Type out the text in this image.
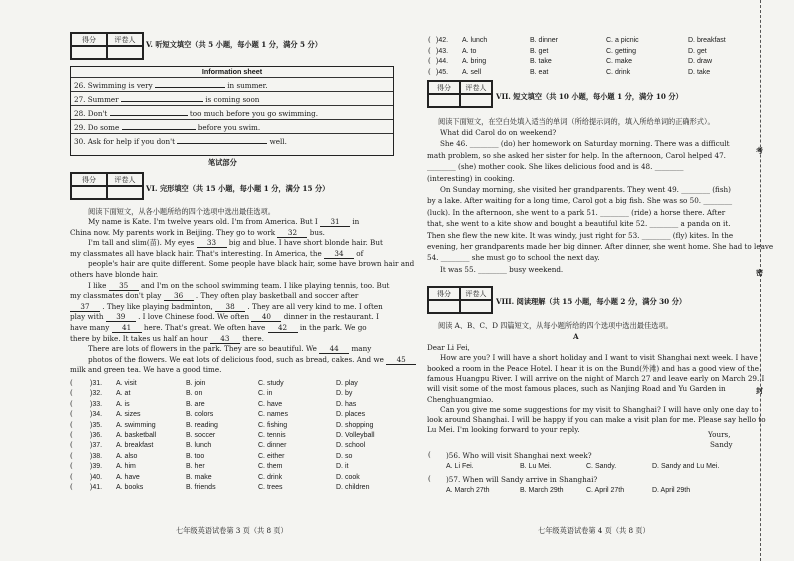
得分	评卷人
V. 听短文填空（共 5 小题，每小题 1 分，满分 5 分）
Information sheet
26. Swimming is very	in summer.
27. Summer	is coming soon
28. Don't	too much before you go swimming.
29. Do some	before you swim.
30. Ask for help if you don't	well.
笔试部分
得分	评卷人
VI. 完形填空（共 15 小题，每小题 1 分，满分 15 分）
阅读下面短文，从各小题所给的四个选项中选出最佳选项。
My name is Kate. I'm twelve years old. I'm from America. But I 31 in
China now. My parents work in Beijing. They go to work 32 bus.
I'm tall and slim(苗). My eyes 33 big and blue. I have short blonde hair. But
my classmates all have black hair. That's interesting. In America, the 34 of
people's hair are quite different. Some people have black hair, some have brown hair and
others have blonde hair.
I like 35 and I'm on the school swimming team. I like playing tennis, too. But
my classmates don't play 36 . They often play basketball and soccer after
37 . They like playing badminton, 38 . They are all very kind to me. I often
play with 39 . I love Chinese food. We often 40 dinner in the restaurant. I
have many 41 here. That's great. We often have 42 in the park. We go
there by bike. It takes us half an hour 43 there.
There are lots of flowers in the park. They are so beautiful. We 44 many
photos of the flowers. We eat lots of delicious food, such as bread, cakes. And we 45
milk and green tea. We have a good time.
( )31. A. visit	B. join	C. study	D. play
( )32. A. at	B. on	C. in	D. by
( )33. A. is	B. are	C. have	D. has
( )34. A. sizes	B. colors	C. names	D. places
( )35. A. swimming	B. reading	C. fishing	D. shopping
( )36. A. basketball	B. soccer	C. tennis	D. Volleyball
( )37. A. breakfast	B. lunch	C. dinner	D. school
( )38. A. also	B. too	C. either	D. so
( )39. A. him	B. her	C. them	D. it
( )40. A. have	B. make	C. drink	D. cook
( )41. A. books	B. friends	C. trees	D. children
七年级英语试卷第 3 页（共 8 页）
( )42. A. lunch	B. dinner	C. a picnic	D. breakfast
( )43. A. to	B. get	C. getting	D. get
( )44. A. bring	B. take	C. make	D. draw
( )45. A. sell	B. eat	C. drink	D. take
得分	评卷人
VII. 短文填空（共 10 小题，每小题 1 分，满分 10 分）
阅读下面短文，在空白处填入适当的单词（所给提示词的，填入所给单词的正确形式）。
What did Carol do on weekend?
She 46. ________ (do) her homework on Saturday morning. There was a difficult
math problem, so she asked her sister for help. In the afternoon, Carol helped 47.
________ (she) mother cook. She likes delicious food and is 48. ________
(interesting) in cooking.
On Sunday morning, she visited her grandparents. They went 49. ________ (fish)
by a lake. After waiting for a long time, Carol got a big fish. She was so 50. ________
(luck). In the afternoon, she went to a park 51. ________ (ride) a horse there. After
that, she went to a kite show and bought a beautiful kite 52. ________ a panda on it.
Then she flew the new kite. It was windy, just right for 53. ________ (fly) kites. In the
evening, her grandparents made her big dinner. After dinner, she went home. She had to leave
54. ________ she must go to school the next day.
It was 55. ________ busy weekend.
得分	评卷人
VIII. 阅读理解（共 15 小题，每小题 2 分，满分 30 分）
阅读 A、B、C、D 四篇短文，从每小题所给的四个选项中选出最佳选项。
A
Dear Li Fei,
How are you? I will have a short holiday and I want to visit Shanghai next week. I have
booked a room in the Peace Hotel. I hear it is on the Bund(外滩) and has a good view of the
famous Huangpu River. I will arrive on the night of March 27 and leave early on March 29. I
will visit some of the most famous places, such as Nanjing Road and Yu Garden in
Chenghuangmiao.
Can you give me some suggestions for my visit to Shanghai? I will have only one day to
look around Shanghai. I will be happy if you can make a visit plan for me. Please say hello to
Lu Mei. I'm looking forward to your reply.
Yours,
Sandy
( )56. Who will visit Shanghai next week?
A. Li Fei.	B. Lu Mei.	C. Sandy.	D. Sandy and Lu Mei.
( )57. When will Sandy arrive in Shanghai?
A. March 27th	B. March 29th	C. April 27th	D. April 29th
七年级英语试卷第 4 页（共 8 页）
考
密
封
